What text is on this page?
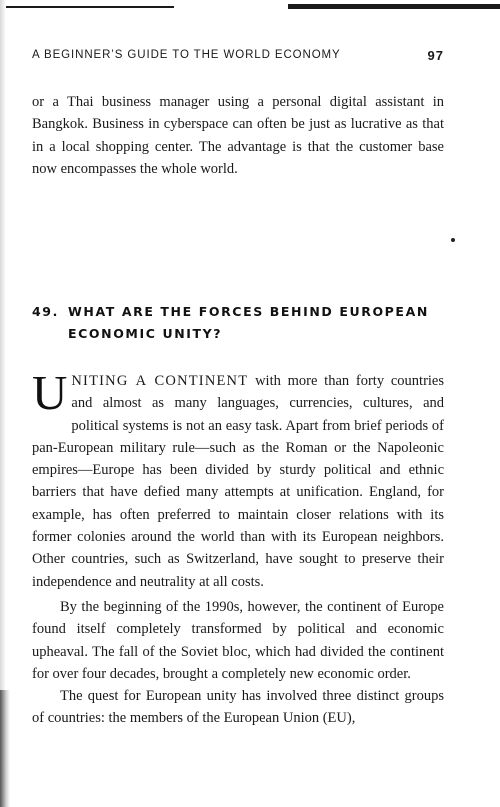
A BEGINNER’S GUIDE TO THE WORLD ECONOMY	97

or a Thai business manager using a personal digital assistant in Bangkok. Business in cyberspace can often be just as lucrative as that in a local shopping center. The advantage is that the customer base now encompasses the whole world.

49. WHAT ARE THE FORCES BEHIND EUROPEAN
ECONOMIC UNITY?

UNITING A CONTINENT with more than forty countries and almost as many languages, currencies, cultures, and political systems is not an easy task. Apart from brief periods of pan-European military rule—such as the Roman or the Napoleonic empires—Europe has been divided by sturdy political and ethnic barriers that have defied many attempts at unification. England, for example, has often preferred to maintain closer relations with its former colonies around the world than with its European neighbors. Other countries, such as Switzerland, have sought to preserve their independence and neutrality at all costs.

By the beginning of the 1990s, however, the continent of Europe found itself completely transformed by political and economic upheaval. The fall of the Soviet bloc, which had divided the continent for over four decades, brought a completely new economic order.

The quest for European unity has involved three distinct groups of countries: the members of the European Union (EU),
